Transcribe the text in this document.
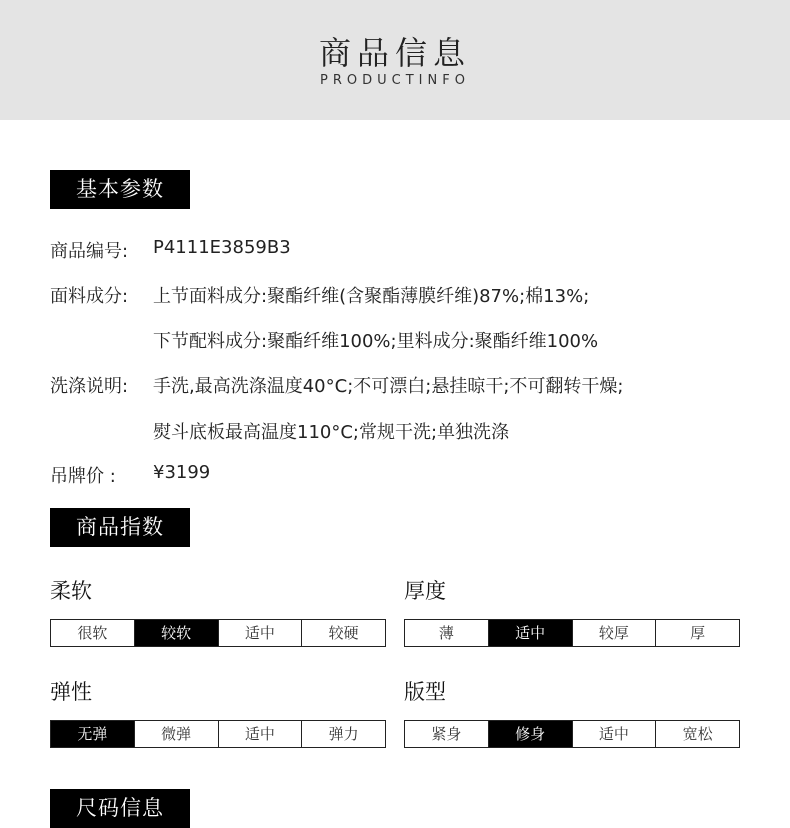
商品信息
PRODUCTINFO
基本参数
商品编号: P4111E3859B3
面料成分: 上节面料成分:聚酯纤维(含聚酯薄膜纤维)87%;棉13%;
下节配料成分:聚酯纤维100%;里料成分:聚酯纤维100%
洗涤说明: 手洗,最高洗涤温度40°C;不可漂白;悬挂晾干;不可翻转干燥;
熨斗底板最高温度110°C;常规干洗;单独洗涤
吊牌价 : ¥3199
商品指数
柔软
很软	较软	适中	较硬
厚度
薄	适中	较厚	厚
弹性
无弹	微弹	适中	弹力
版型
紧身	修身	适中	宽松
尺码信息
